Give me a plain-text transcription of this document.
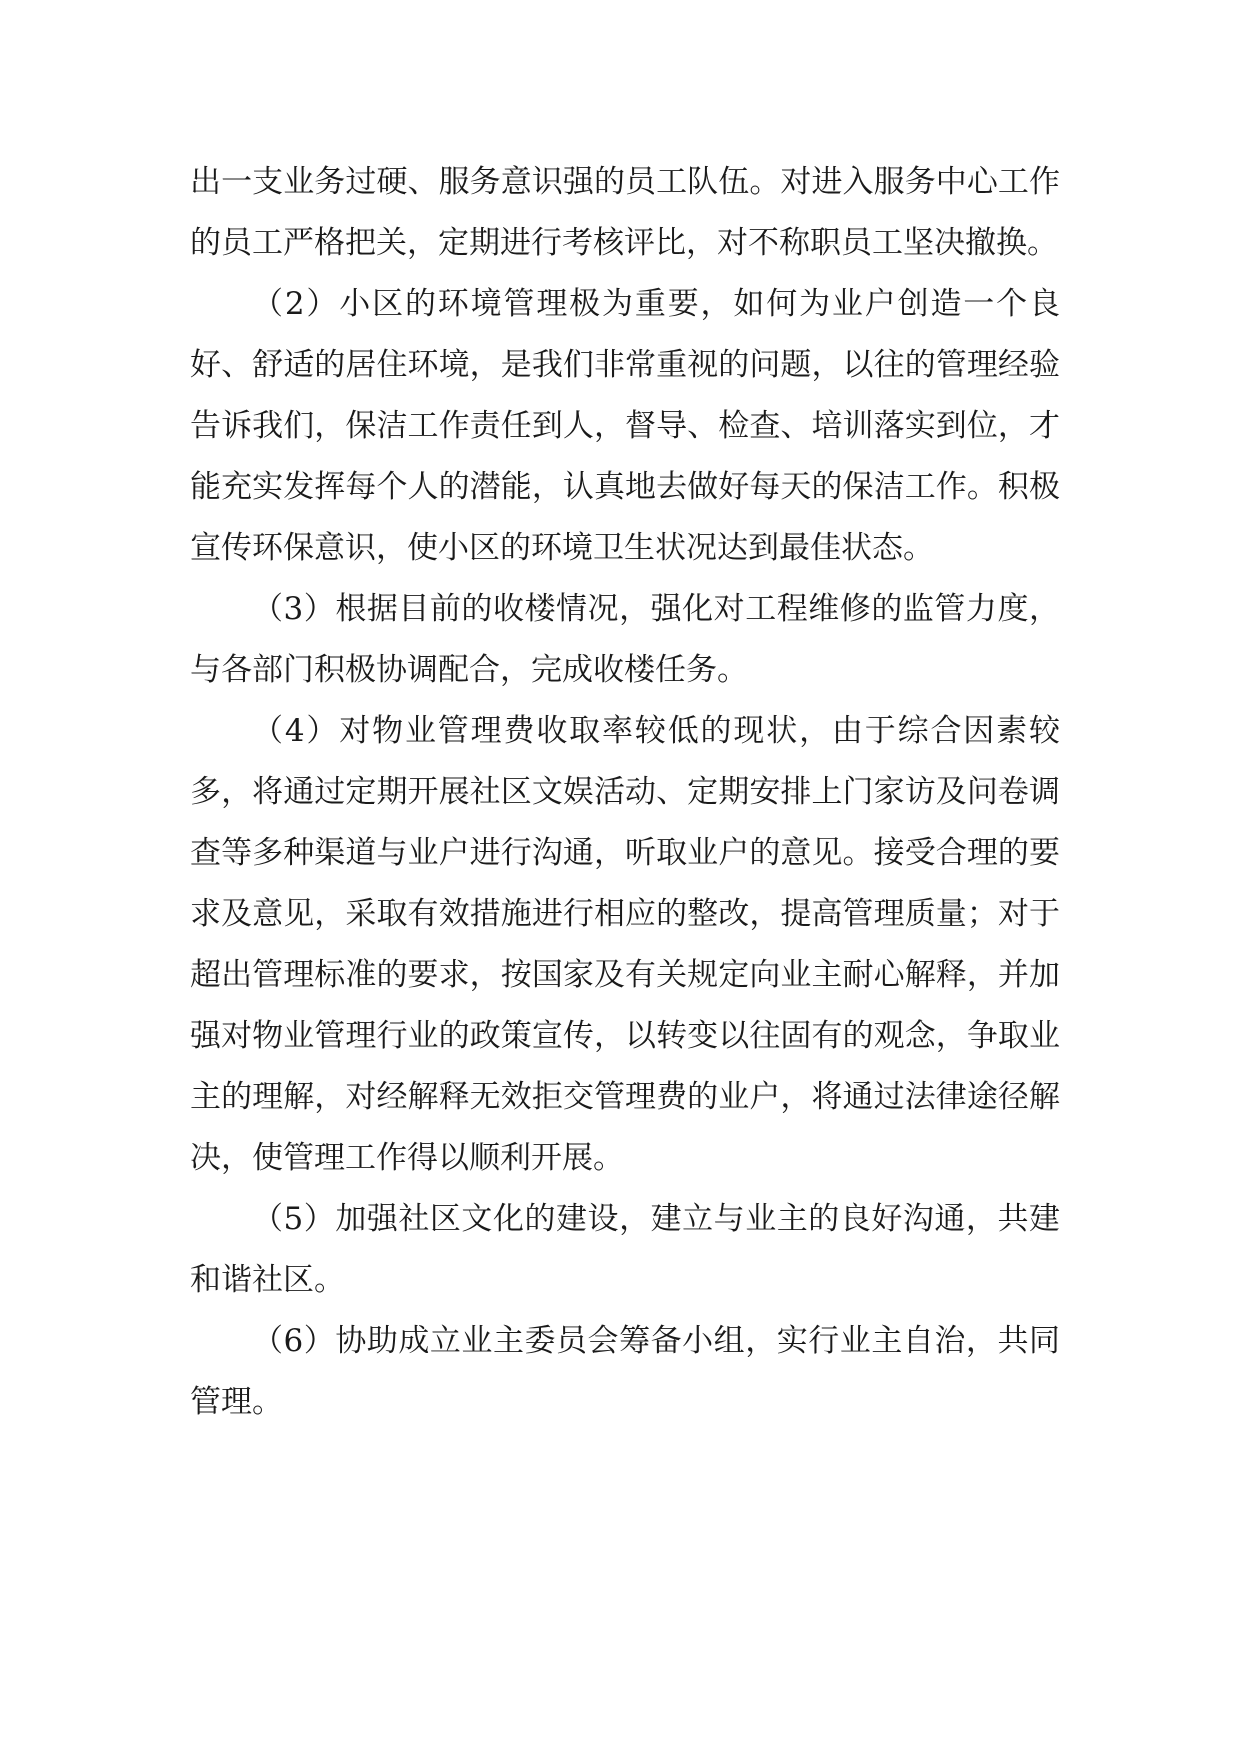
出一支业务过硬、服务意识强的员工队伍。对进入服务中心工作的员工严格把关，定期进行考核评比，对不称职员工坚决撤换。

（2）小区的环境管理极为重要，如何为业户创造一个良好、舒适的居住环境，是我们非常重视的问题，以往的管理经验告诉我们，保洁工作责任到人，督导、检查、培训落实到位，才能充实发挥每个人的潜能，认真地去做好每天的保洁工作。积极宣传环保意识，使小区的环境卫生状况达到最佳状态。

（3）根据目前的收楼情况，强化对工程维修的监管力度，与各部门积极协调配合，完成收楼任务。

（4）对物业管理费收取率较低的现状，由于综合因素较多，将通过定期开展社区文娱活动、定期安排上门家访及问卷调查等多种渠道与业户进行沟通，听取业户的意见。接受合理的要求及意见，采取有效措施进行相应的整改，提高管理质量；对于超出管理标准的要求，按国家及有关规定向业主耐心解释，并加强对物业管理行业的政策宣传，以转变以往固有的观念，争取业主的理解，对经解释无效拒交管理费的业户，将通过法律途径解决，使管理工作得以顺利开展。

（5）加强社区文化的建设，建立与业主的良好沟通，共建和谐社区。

（6）协助成立业主委员会筹备小组，实行业主自治，共同管理。
